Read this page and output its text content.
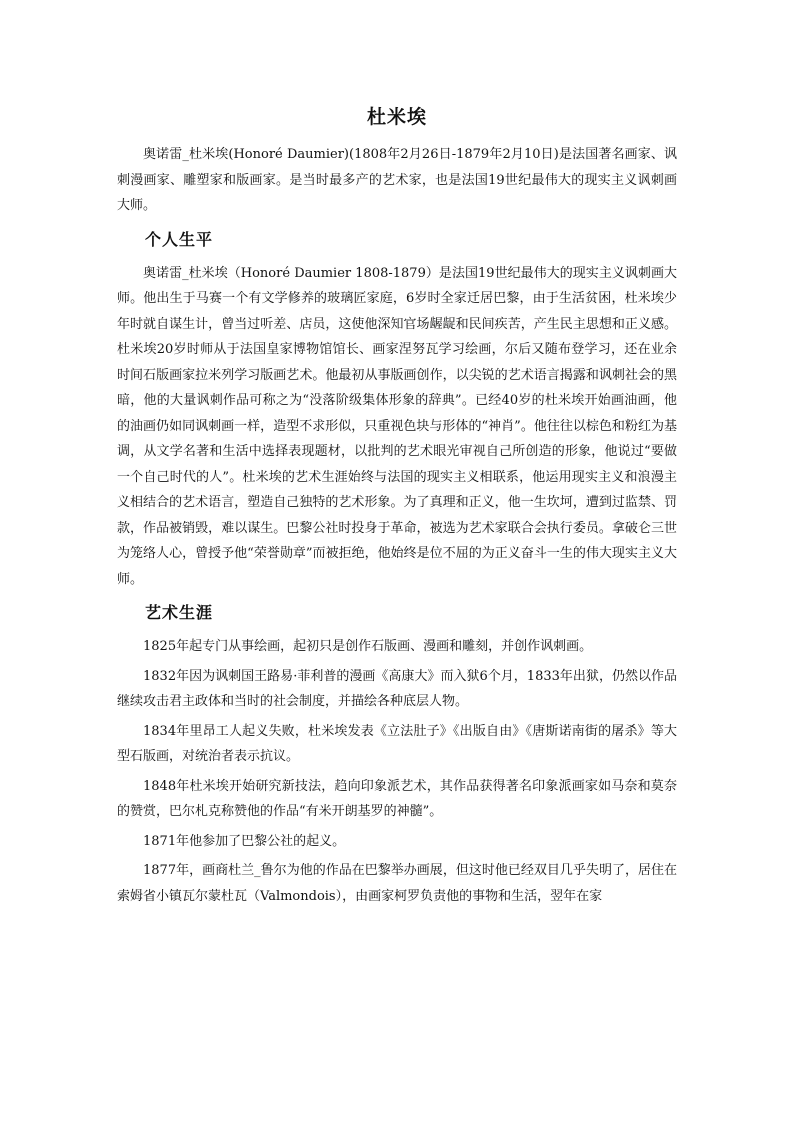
杜米埃

奥诺雷_杜米埃(Honoré Daumier)(1808年2月26日-1879年2月10日)是法国著名画家、讽刺漫画家、雕塑家和版画家。是当时最多产的艺术家，也是法国19世纪最伟大的现实主义讽刺画大师。

个人生平

奥诺雷_杜米埃（Honoré Daumier 1808-1879）是法国19世纪最伟大的现实主义讽刺画大师。他出生于马赛一个有文学修养的玻璃匠家庭，6岁时全家迁居巴黎，由于生活贫困，杜米埃少年时就自谋生计，曾当过听差、店员，这使他深知官场龌龊和民间疾苦，产生民主思想和正义感。杜米埃20岁时师从于法国皇家博物馆馆长、画家涅努瓦学习绘画，尔后又随布登学习，还在业余时间石版画家拉米列学习版画艺术。他最初从事版画创作，以尖锐的艺术语言揭露和讽刺社会的黑暗，他的大量讽刺作品可称之为“没落阶级集体形象的辞典”。已经40岁的杜米埃开始画油画，他的油画仍如同讽刺画一样，造型不求形似，只重视色块与形体的“神肖”。他往往以棕色和粉红为基调，从文学名著和生活中选择表现题材，以批判的艺术眼光审视自己所创造的形象，他说过“要做一个自己时代的人”。杜米埃的艺术生涯始终与法国的现实主义相联系，他运用现实主义和浪漫主义相结合的艺术语言，塑造自己独特的艺术形象。为了真理和正义，他一生坎坷，遭到过监禁、罚款，作品被销毁，难以谋生。巴黎公社时投身于革命，被选为艺术家联合会执行委员。拿破仑三世为笼络人心，曾授予他“荣誉勋章”而被拒绝，他始终是位不屈的为正义奋斗一生的伟大现实主义大师。

艺术生涯

1825年起专门从事绘画，起初只是创作石版画、漫画和雕刻，并创作讽刺画。

1832年因为讽刺国王路易·菲利普的漫画《高康大》而入狱6个月，1833年出狱，仍然以作品继续攻击君主政体和当时的社会制度，并描绘各种底层人物。

1834年里昂工人起义失败，杜米埃发表《立法肚子》《出版自由》《唐斯诺南街的屠杀》等大型石版画，对统治者表示抗议。

1848年杜米埃开始研究新技法，趋向印象派艺术，其作品获得著名印象派画家如马奈和莫奈的赞赏，巴尔札克称赞他的作品“有米开朗基罗的神髓”。

1871年他参加了巴黎公社的起义。

1877年，画商杜兰_鲁尔为他的作品在巴黎举办画展，但这时他已经双目几乎失明了，居住在索姆省小镇瓦尔蒙杜瓦（Valmondois），由画家柯罗负责他的事物和生活，翌年在家
